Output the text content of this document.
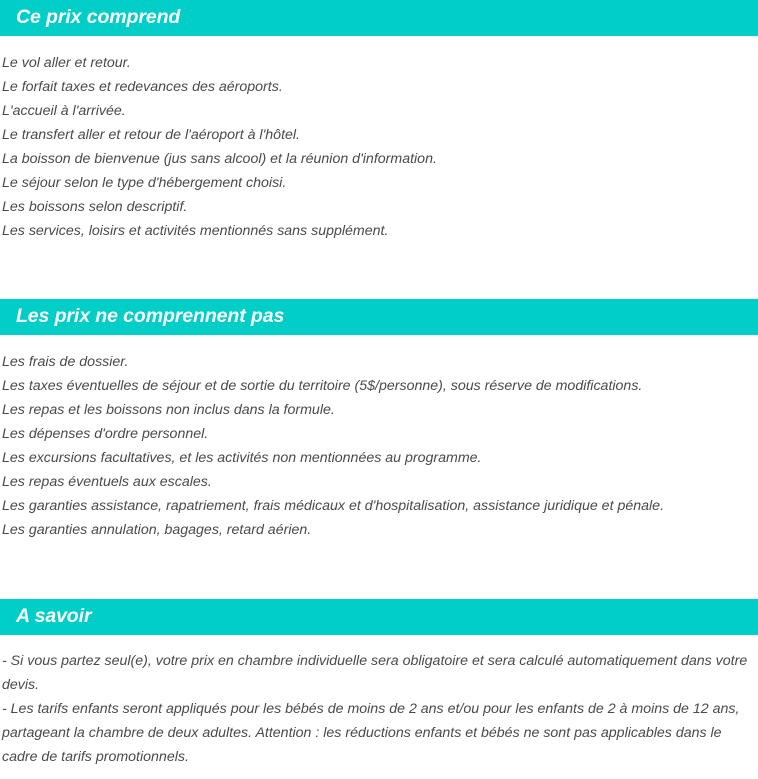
Ce prix comprend
Le vol aller et retour.
Le forfait taxes et redevances des aéroports.
L'accueil à l'arrivée.
Le transfert aller et retour de l'aéroport à l'hôtel.
La boisson de bienvenue (jus sans alcool) et la réunion d'information.
Le séjour selon le type d'hébergement choisi.
Les boissons selon descriptif.
Les services, loisirs et activités mentionnés sans supplément.
Les prix ne comprennent pas
Les frais de dossier.
Les taxes éventuelles de séjour et de sortie du territoire (5$/personne), sous réserve de modifications.
Les repas et les boissons non inclus dans la formule.
Les dépenses d'ordre personnel.
Les excursions facultatives, et les activités non mentionnées au programme.
Les repas éventuels aux escales.
Les garanties assistance, rapatriement, frais médicaux et d'hospitalisation, assistance juridique et pénale.
Les garanties annulation, bagages, retard aérien.
A savoir
- Si vous partez seul(e), votre prix en chambre individuelle sera obligatoire et sera calculé automatiquement dans votre devis.
- Les tarifs enfants seront appliqués pour les bébés de moins de 2 ans et/ou pour les enfants de 2 à moins de 12 ans, partageant la chambre de deux adultes. Attention : les réductions enfants et bébés ne sont pas applicables dans le cadre de tarifs promotionnels.
